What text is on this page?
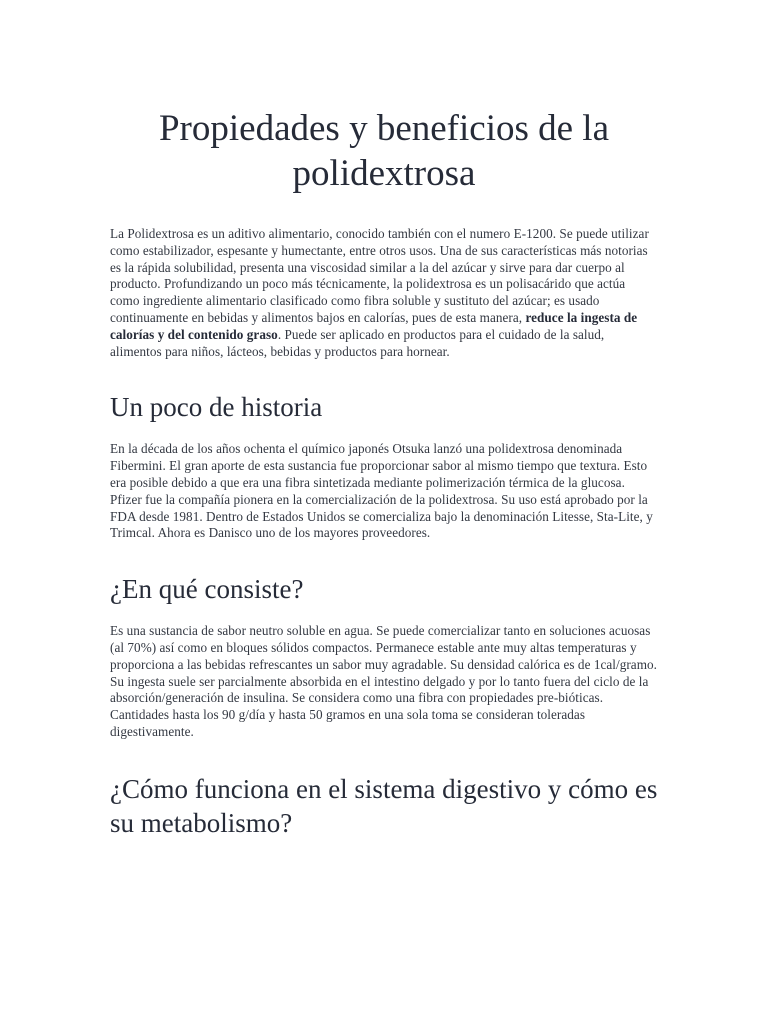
Propiedades y beneficios de la polidextrosa

La Polidextrosa es un aditivo alimentario, conocido también con el numero E-1200. Se puede utilizar como estabilizador, espesante y humectante, entre otros usos. Una de sus características más notorias es la rápida solubilidad, presenta una viscosidad similar a la del azúcar y sirve para dar cuerpo al producto. Profundizando un poco más técnicamente, la polidextrosa es un polisacárido que actúa como ingrediente alimentario clasificado como fibra soluble y sustituto del azúcar; es usado continuamente en bebidas y alimentos bajos en calorías, pues de esta manera, reduce la ingesta de calorías y del contenido graso. Puede ser aplicado en productos para el cuidado de la salud, alimentos para niños, lácteos, bebidas y productos para hornear.

Un poco de historia

En la década de los años ochenta el químico japonés Otsuka lanzó una polidextrosa denominada Fibermini. El gran aporte de esta sustancia fue proporcionar sabor al mismo tiempo que textura. Esto era posible debido a que era una fibra sintetizada mediante polimerización térmica de la glucosa. Pfizer fue la compañía pionera en la comercialización de la polidextrosa. Su uso está aprobado por la FDA desde 1981. Dentro de Estados Unidos se comercializa bajo la denominación Litesse, Sta-Lite, y Trimcal. Ahora es Danisco uno de los mayores proveedores.

¿En qué consiste?

Es una sustancia de sabor neutro soluble en agua. Se puede comercializar tanto en soluciones acuosas (al 70%) así como en bloques sólidos compactos. Permanece estable ante muy altas temperaturas y proporciona a las bebidas refrescantes un sabor muy agradable. Su densidad calórica es de 1cal/gramo. Su ingesta suele ser parcialmente absorbida en el intestino delgado y por lo tanto fuera del ciclo de la absorción/generación de insulina. Se considera como una fibra con propiedades pre-bióticas. Cantidades hasta los 90 g/día y hasta 50 gramos en una sola toma se consideran toleradas digestivamente.

¿Cómo funciona en el sistema digestivo y cómo es su metabolismo?
